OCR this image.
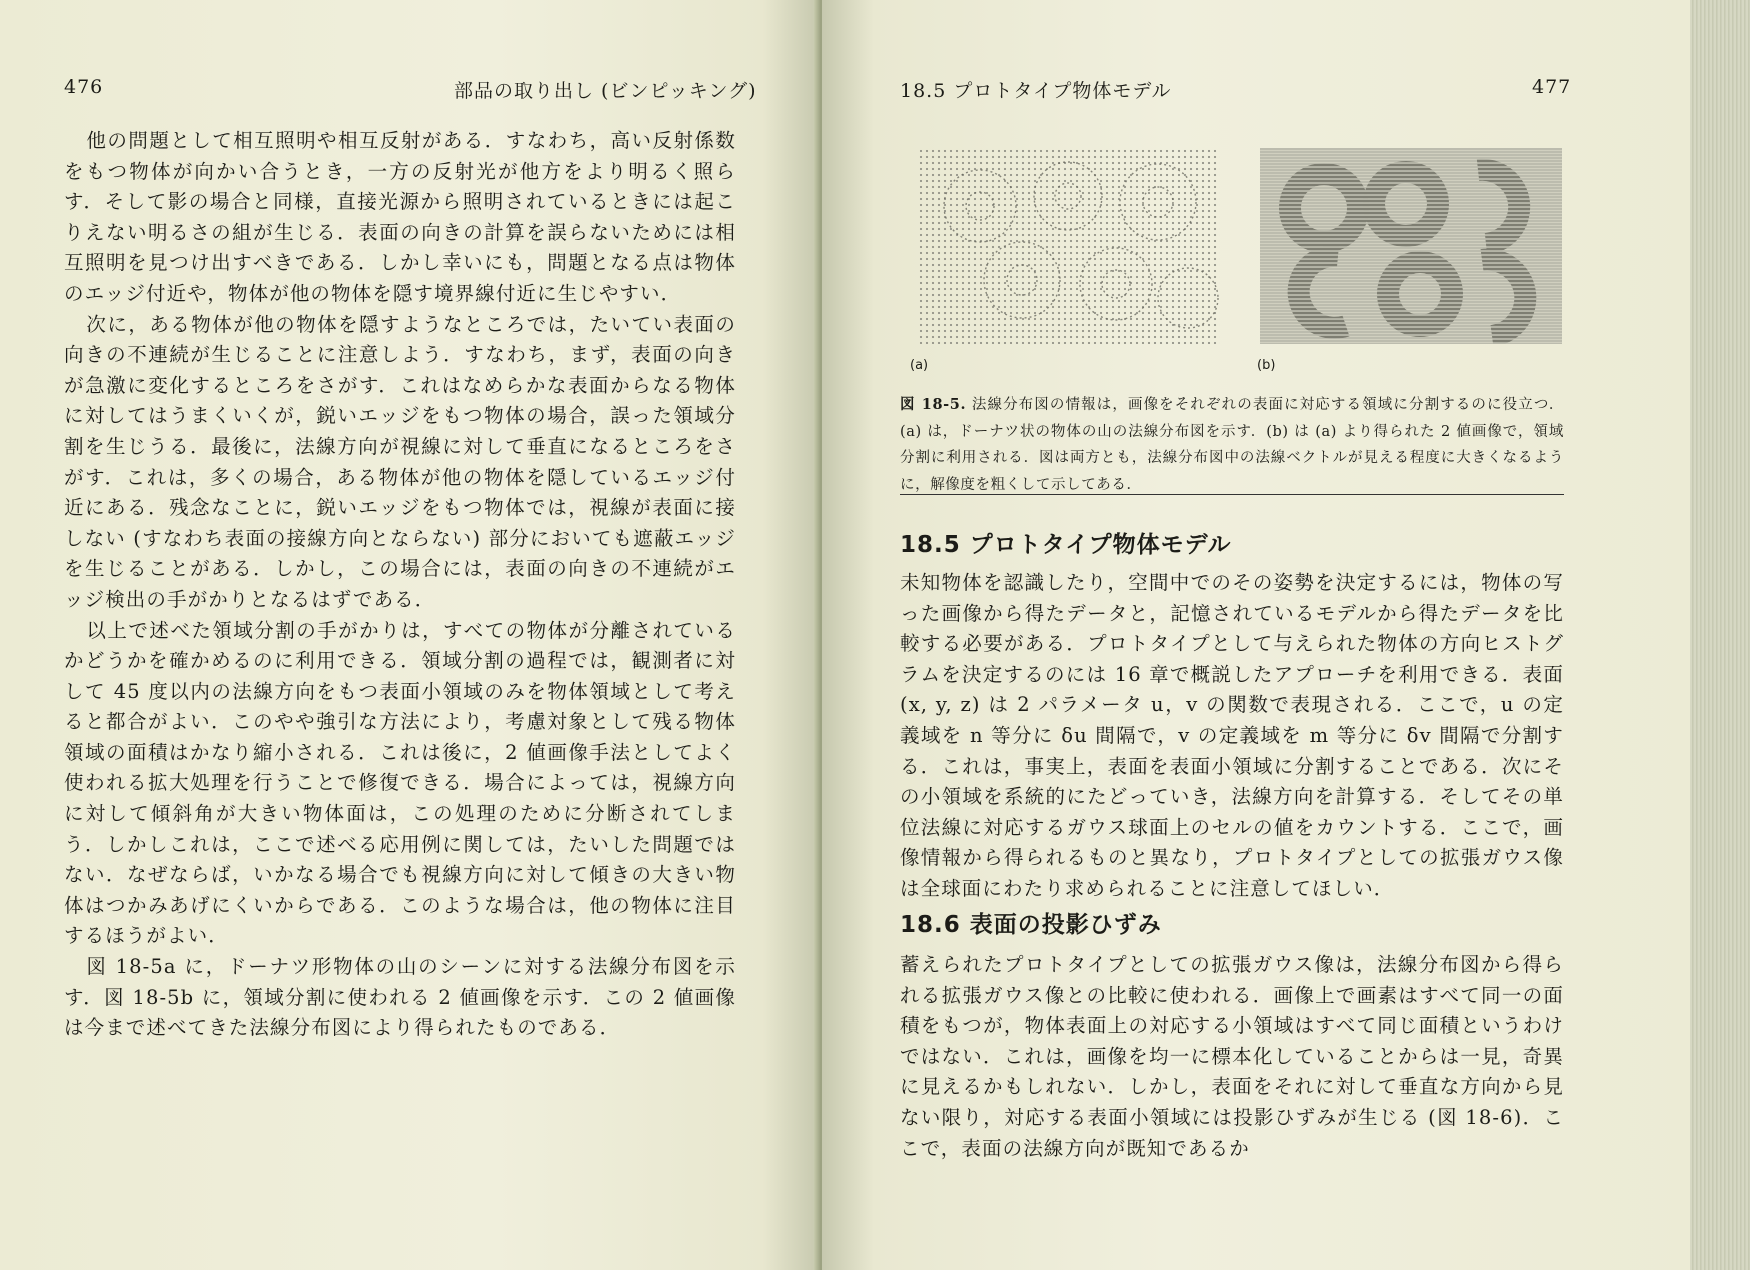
476	部品の取り出し (ビンピッキング)

他の問題として相互照明や相互反射がある．すなわち，高い反射係数をもつ物体が向かい合うとき，一方の反射光が他方をより明るく照らす．そして影の場合と同様，直接光源から照明されているときには起こりえない明るさの組が生じる．表面の向きの計算を誤らないためには相互照明を見つけ出すべきである．しかし幸いにも，問題となる点は物体のエッジ付近や，物体が他の物体を隠す境界線付近に生じやすい．

次に，ある物体が他の物体を隠すようなところでは，たいてい表面の向きの不連続が生じることに注意しよう．すなわち，まず，表面の向きが急激に変化するところをさがす．これはなめらかな表面からなる物体に対してはうまくいくが，鋭いエッジをもつ物体の場合，誤った領域分割を生じうる．最後に，法線方向が視線に対して垂直になるところをさがす．これは，多くの場合，ある物体が他の物体を隠しているエッジ付近にある．残念なことに，鋭いエッジをもつ物体では，視線が表面に接しない (すなわち表面の接線方向とならない) 部分においても遮蔽エッジを生じることがある．しかし，この場合には，表面の向きの不連続がエッジ検出の手がかりとなるはずである．

以上で述べた領域分割の手がかりは，すべての物体が分離されているかどうかを確かめるのに利用できる．領域分割の過程では，観測者に対して 45 度以内の法線方向をもつ表面小領域のみを物体領域として考えると都合がよい．このやや強引な方法により，考慮対象として残る物体領域の面積はかなり縮小される．これは後に，2 値画像手法としてよく使われる拡大処理を行うことで修復できる．場合によっては，視線方向に対して傾斜角が大きい物体面は，この処理のために分断されてしまう．しかしこれは，ここで述べる応用例に関しては，たいした問題ではない．なぜならば，いかなる場合でも視線方向に対して傾きの大きい物体はつかみあげにくいからである．このような場合は，他の物体に注目するほうがよい．

図 18-5a に，ドーナツ形物体の山のシーンに対する法線分布図を示す．図 18-5b に，領域分割に使われる 2 値画像を示す．この 2 値画像は今まで述べてきた法線分布図により得られたものである．

18.5 プロトタイプ物体モデル	477
(a)	(b)
図 18-5. 法線分布図の情報は，画像をそれぞれの表面に対応する領域に分割するのに役立つ．(a) は，ドーナツ状の物体の山の法線分布図を示す．(b) は (a) より得られた 2 値画像で，領域分割に利用される．図は両方とも，法線分布図中の法線ベクトルが見える程度に大きくなるように，解像度を粗くして示してある．
18.5 プロトタイプ物体モデル

未知物体を認識したり，空間中でのその姿勢を決定するには，物体の写った画像から得たデータと，記憶されているモデルから得たデータを比較する必要がある．プロトタイプとして与えられた物体の方向ヒストグラムを決定するのには 16 章で概説したアプローチを利用できる．表面 (x, y, z) は 2 パラメータ u，v の関数で表現される．ここで，u の定義域を n 等分に δu 間隔で，v の定義域を m 等分に δv 間隔で分割する．これは，事実上，表面を表面小領域に分割することである．次にその小領域を系統的にたどっていき，法線方向を計算する．そしてその単位法線に対応するガウス球面上のセルの値をカウントする．ここで，画像情報から得られるものと異なり，プロトタイプとしての拡張ガウス像は全球面にわたり求められることに注意してほしい．

18.6 表面の投影ひずみ

蓄えられたプロトタイプとしての拡張ガウス像は，法線分布図から得られる拡張ガウス像との比較に使われる．画像上で画素はすべて同一の面積をもつが，物体表面上の対応する小領域はすべて同じ面積というわけではない．これは，画像を均一に標本化していることからは一見，奇異に見えるかもしれない．しかし，表面をそれに対して垂直な方向から見ない限り，対応する表面小領域には投影ひずみが生じる (図 18-6)．ここで，表面の法線方向が既知であるか
